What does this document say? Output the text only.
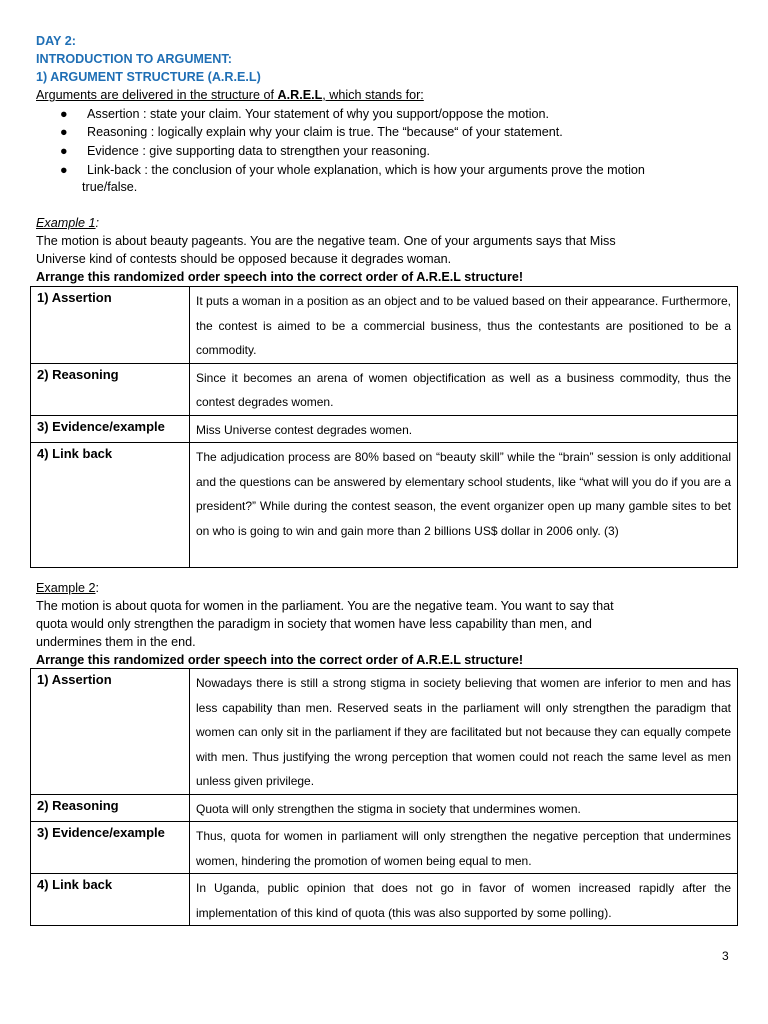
DAY 2:
INTRODUCTION TO ARGUMENT:
1) ARGUMENT STRUCTURE (A.R.E.L)
Arguments are delivered in the structure of A.R.E.L, which stands for:
● Assertion : state your claim. Your statement of why you support/oppose the motion.
● Reasoning : logically explain why your claim is true. The “because“ of your statement.
● Evidence : give supporting data to strengthen your reasoning.
● Link-back : the conclusion of your whole explanation, which is how your arguments prove the motion
true/false.
Example 1:
The motion is about beauty pageants. You are the negative team. One of your arguments says that Miss
Universe kind of contests should be opposed because it degrades woman.
Arrange this randomized order speech into the correct order of A.R.E.L structure!
1) Assertion	It puts a woman in a position as an object and to be valued based on their appearance. Furthermore, the contest is aimed to be a commercial business, thus the contestants are positioned to be a commodity.
2) Reasoning	Since it becomes an arena of women objectification as well as a business commodity, thus the contest degrades women.
3) Evidence/example	Miss Universe contest degrades women.
4) Link back	The adjudication process are 80% based on “beauty skill” while the “brain” session is only additional and the questions can be answered by elementary school students, like “what will you do if you are a president?” While during the contest season, the event organizer open up many gamble sites to bet on who is going to win and gain more than 2 billions US$ dollar in 2006 only. (3)
Example 2:
The motion is about quota for women in the parliament. You are the negative team. You want to say that
quota would only strengthen the paradigm in society that women have less capability than men, and
undermines them in the end.
Arrange this randomized order speech into the correct order of A.R.E.L structure!
1) Assertion	Nowadays there is still a strong stigma in society believing that women are inferior to men and has less capability than men. Reserved seats in the parliament will only strengthen the paradigm that women can only sit in the parliament if they are facilitated but not because they can equally compete with men. Thus justifying the wrong perception that women could not reach the same level as men unless given privilege.
2) Reasoning	Quota will only strengthen the stigma in society that undermines women.
3) Evidence/example	Thus, quota for women in parliament will only strengthen the negative perception that undermines women, hindering the promotion of women being equal to men.
4) Link back	In Uganda, public opinion that does not go in favor of women increased rapidly after the implementation of this kind of quota (this was also supported by some polling).
3
